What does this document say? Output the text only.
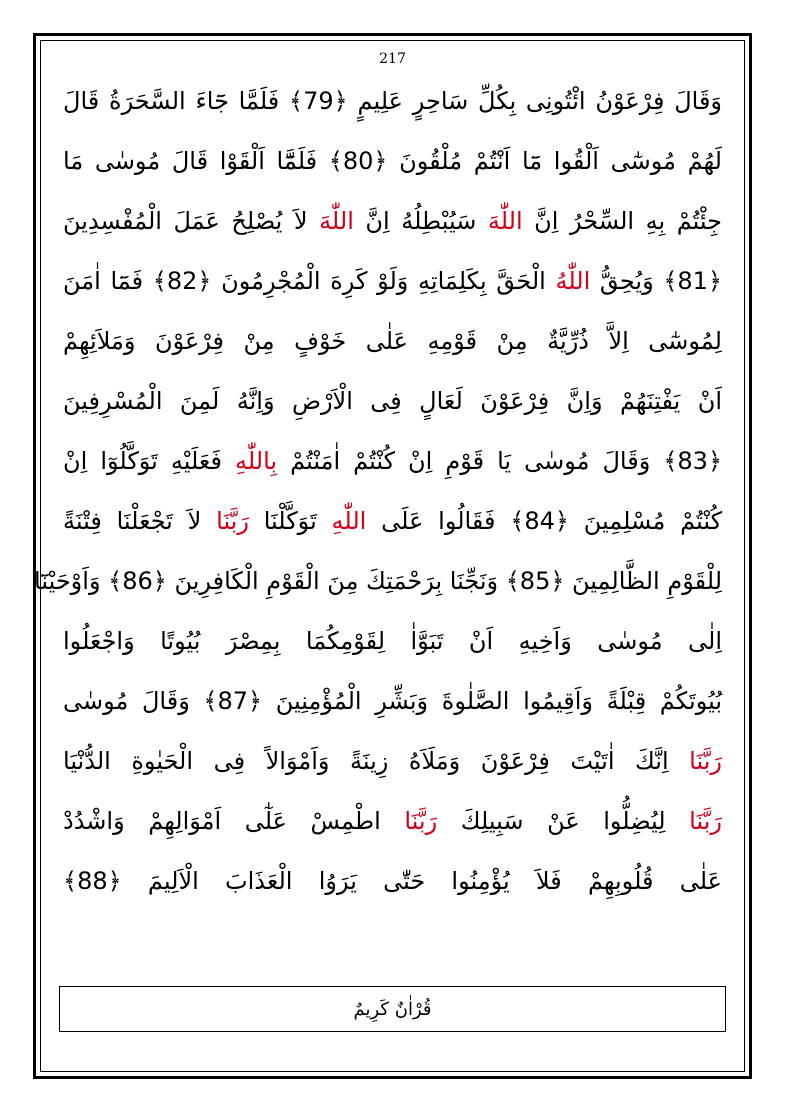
217
وَقَالَ فِرْعَوْنُ ائْتُونِى بِكُلِّ سَاحِرٍ عَلِيمٍ ﴿79﴾ فَلَمَّا جَٓاءَ السَّحَرَةُ قَالَ
لَهُمْ مُوسٰٓى اَلْقُوا مَٓا اَنْتُمْ مُلْقُونَ ﴿80﴾ فَلَمَّٓا اَلْقَوْا قَالَ مُوسٰى مَا
جِئْتُمْ بِهِ السِّحْرُ اِنَّ اللّٰهَ سَيُبْطِلُهُ اِنَّ اللّٰهَ لاَ يُصْلِحُ عَمَلَ الْمُفْسِدِينَ
﴿81﴾ وَيُحِقُّ اللّٰهُ الْحَقَّ بِكَلِمَاتِهِ وَلَوْ كَرِهَ الْمُجْرِمُونَ ﴿82﴾ فَمَٓا اٰمَنَ
لِمُوسٰٓى اِلاَّ ذُرِّيَّةٌ مِنْ قَوْمِهِ عَلٰى خَوْفٍ مِنْ فِرْعَوْنَ وَمَلاَئِهِمْ
اَنْ يَفْتِنَهُمْ وَاِنَّ فِرْعَوْنَ لَعَالٍ فِى الْاَرْضِ وَاِنَّهُ لَمِنَ الْمُسْرِفِينَ
﴿83﴾ وَقَالَ مُوسٰى يَا قَوْمِ اِنْ كُنْتُمْ اٰمَنْتُمْ بِاللّٰهِ فَعَلَيْهِ تَوَكَّلُوٓا اِنْ
كُنْتُمْ مُسْلِمِينَ ﴿84﴾ فَقَالُوا عَلَى اللّٰهِ تَوَكَّلْنَا رَبَّنَا لاَ تَجْعَلْنَا فِتْنَةً
لِلْقَوْمِ الظَّالِمِينَ ﴿85﴾ وَنَجِّنَا بِرَحْمَتِكَ مِنَ الْقَوْمِ الْكَافِرِينَ ﴿86﴾ وَاَوْحَيْنَٓا
اِلٰى مُوسٰى وَاَخِيهِ اَنْ تَبَوَّاٰ لِقَوْمِكُمَا بِمِصْرَ بُيُوتًا وَاجْعَلُوا
بُيُوتَكُمْ قِبْلَةً وَاَقِيمُوا الصَّلٰوةَ وَبَشِّرِ الْمُؤْمِنِينَ ﴿87﴾ وَقَالَ مُوسٰى
رَبَّنَا اِنَّكَ اٰتَيْتَ فِرْعَوْنَ وَمَلَاَهُ زِينَةً وَاَمْوَالاً فِى الْحَيٰوةِ الدُّنْيَا
رَبَّنَا لِيُضِلُّوا عَنْ سَبِيلِكَ رَبَّنَا اطْمِسْ عَلٰٓى اَمْوَالِهِمْ وَاشْدُدْ
عَلٰى قُلُوبِهِمْ فَلاَ يُؤْمِنُوا حَتّٰى يَرَوُا الْعَذَابَ الْاَلِيمَ ﴿88﴾
قُرْاٰنٌ كَرِيمٌ
